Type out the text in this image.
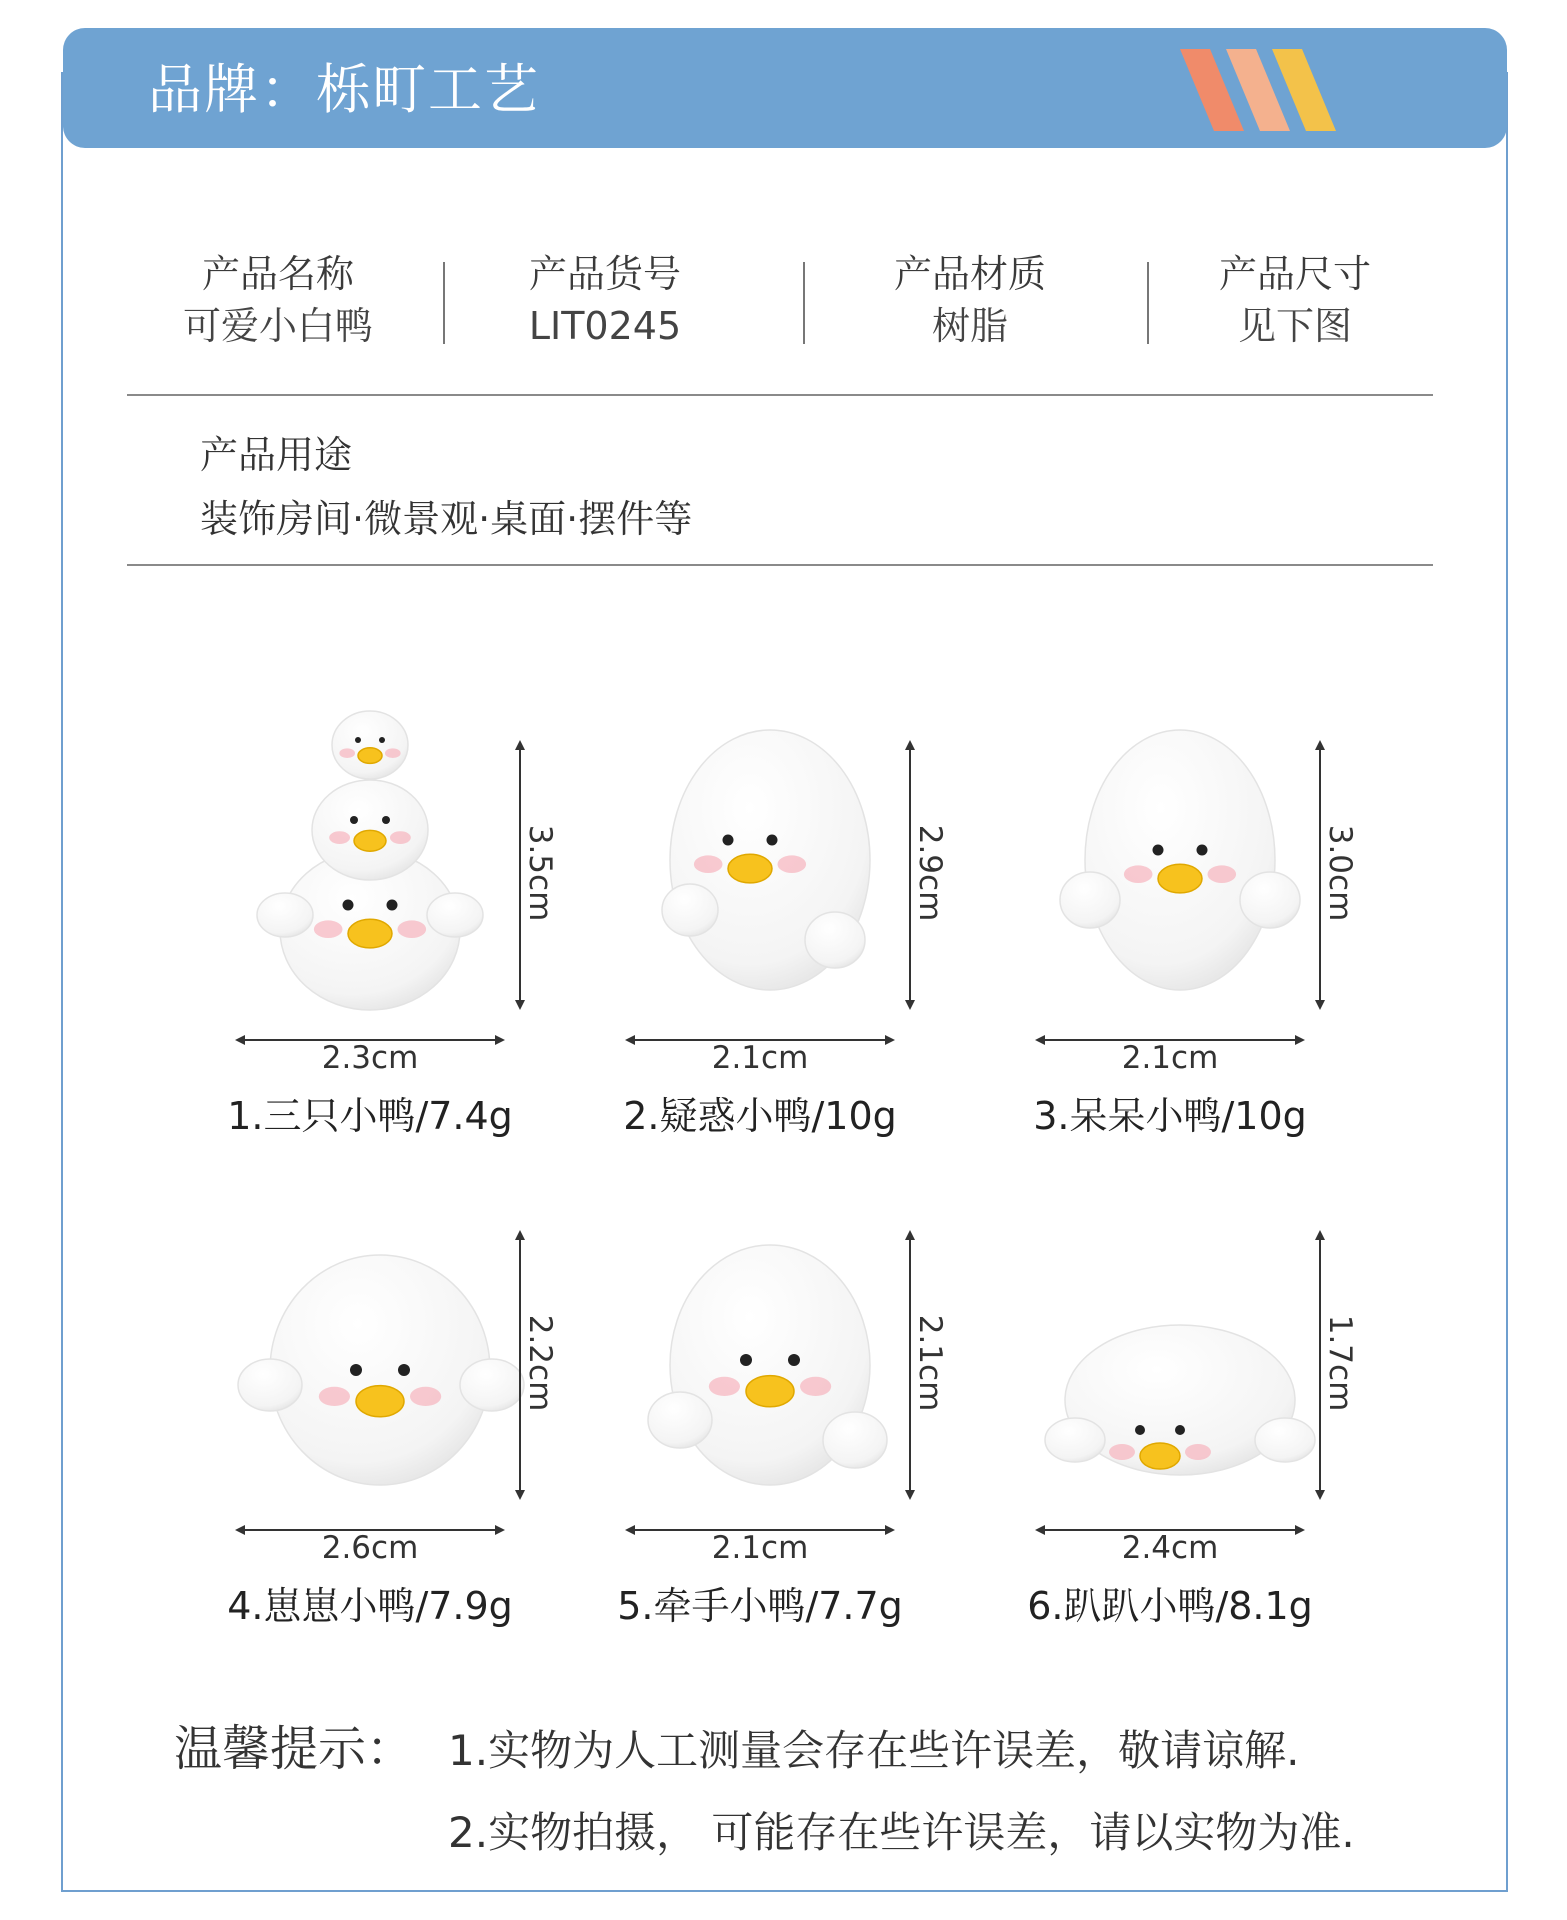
品牌：栎町工艺
产品名称
可爱小白鸭
产品货号
LIT0245
产品材质
树脂
产品尺寸
见下图
产品用途
装饰房间·微景观·桌面·摆件等
2.3cm
3.5cm
1.三只小鸭/7.4g
2.1cm
2.9cm
2.疑惑小鸭/10g
2.1cm
3.0cm
3.呆呆小鸭/10g
2.6cm
2.2cm
4.崽崽小鸭/7.9g
2.1cm
2.1cm
5.牵手小鸭/7.7g
2.4cm
1.7cm
6.趴趴小鸭/8.1g
温馨提示： 1.实物为人工测量会存在些许误差，敬请谅解.
2.实物拍摄， 可能存在些许误差，请以实物为准.
